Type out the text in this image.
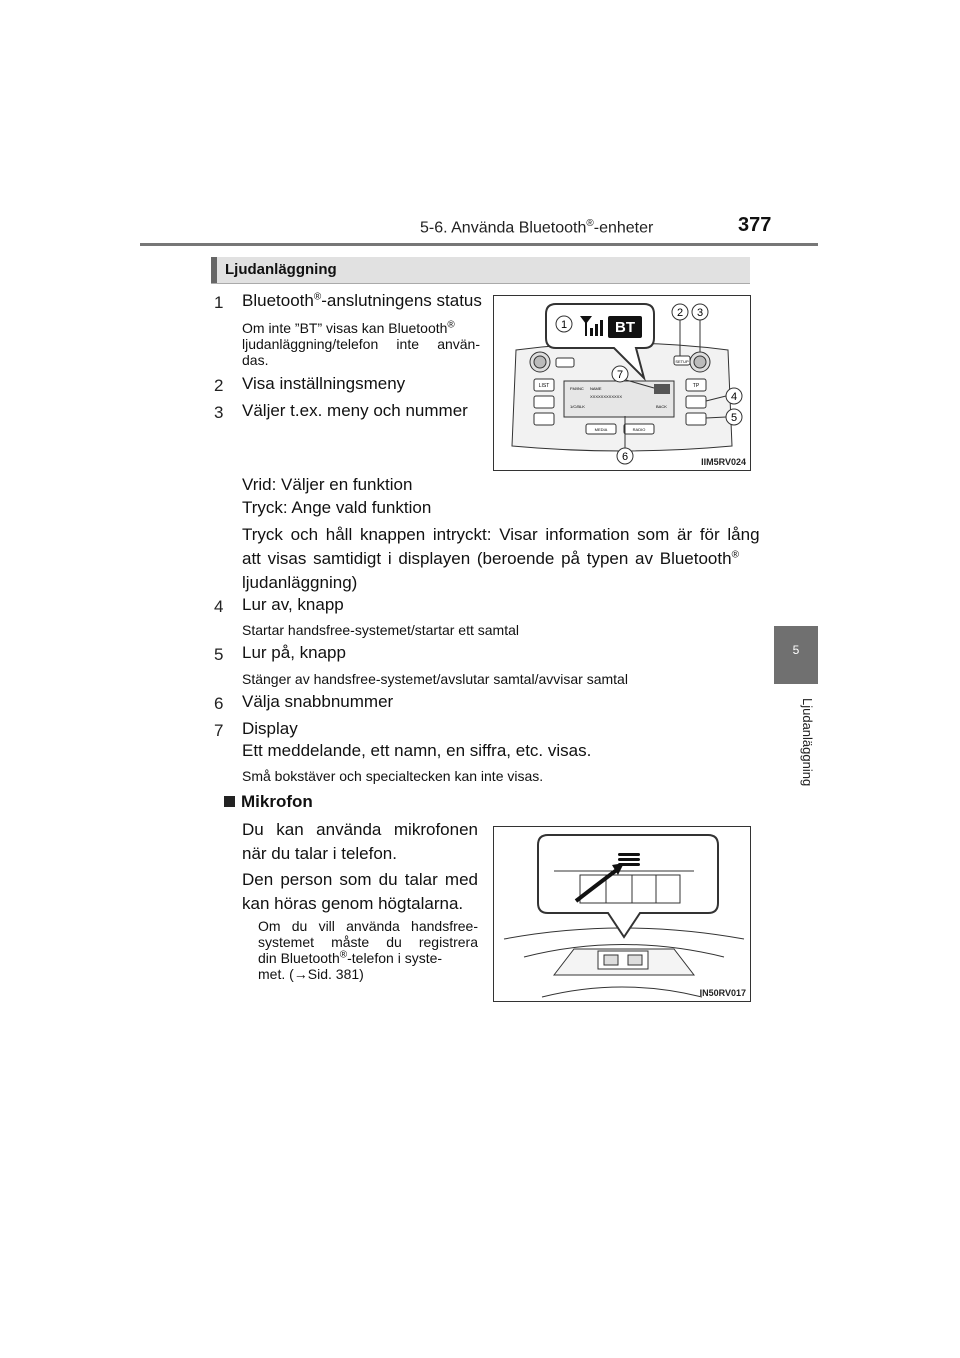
5-6. Använda Bluetooth®-enheter	377
5
Ljudanläggning
Ljudanläggning
1 Bluetooth®-anslutningens status
Om inte ”BT” visas kan Bluetooth®
ljudanläggning/telefon inte använ-
das.
2 Visa inställningsmeny
3 Väljer t.ex. meny och nummer
Vrid: Väljer en funktion
Tryck: Ange vald funktion
Tryck och håll knappen intryckt: Visar information som är för lång
att visas samtidigt i displayen (beroende på typen av Bluetooth®
ljudanläggning)
4 Lur av, knapp
Startar handsfree-systemet/startar ett samtal
5 Lur på, knapp
Stänger av handsfree-systemet/avslutar samtal/avvisar samtal
6 Välja snabbnummer
7 Display
Ett meddelande, ett namn, en siffra, etc. visas.
Små bokstäver och specialtecken kan inte visas.
Mikrofon
Du kan använda mikrofonen
när du talar i telefon.
Den person som du talar med
kan höras genom högtalarna.
Om du vill använda handsfree-
systemet måste du registrera
din Bluetooth®-telefon i syste-
met. (→Sid. 381)
SETUP
LIST	TP
FM/INC NAME
XXXXXXXXXXXX
1/C/BLK	BACK
MEDIA	RADIO
BT
1
2 3
4
5
6
7
IIM5RV024
IN50RV017
